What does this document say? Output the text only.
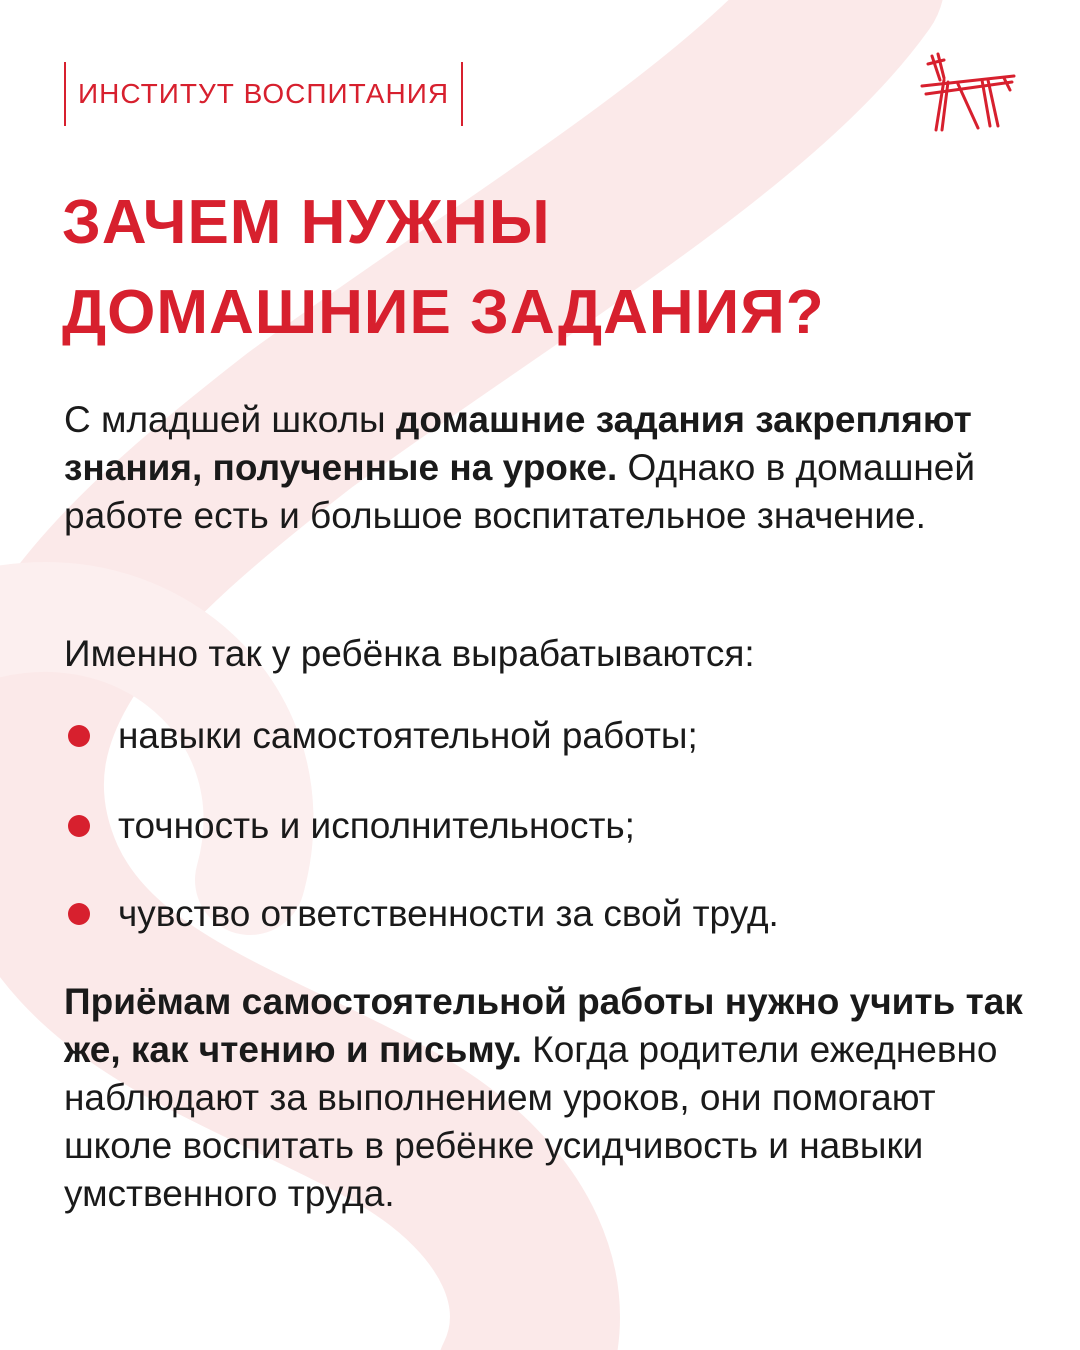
ИНСТИТУТ ВОСПИТАНИЯ
ЗАЧЕМ НУЖНЫ
ДОМАШНИЕ ЗАДАНИЯ?

С младшей школы домашние задания закрепляют знания, полученные на уроке. Однако в домашней работе есть и большое воспитательное значение.

Именно так у ребёнка вырабатываются:

навыки самостоятельной работы;
точность и исполнительность;
чувство ответственности за свой труд.

Приёмам самостоятельной работы нужно учить так же, как чтению и письму. Когда родители ежедневно наблюдают за выполнением уроков, они помогают школе воспитать в ребёнке усидчивость и навыки умственного труда.
